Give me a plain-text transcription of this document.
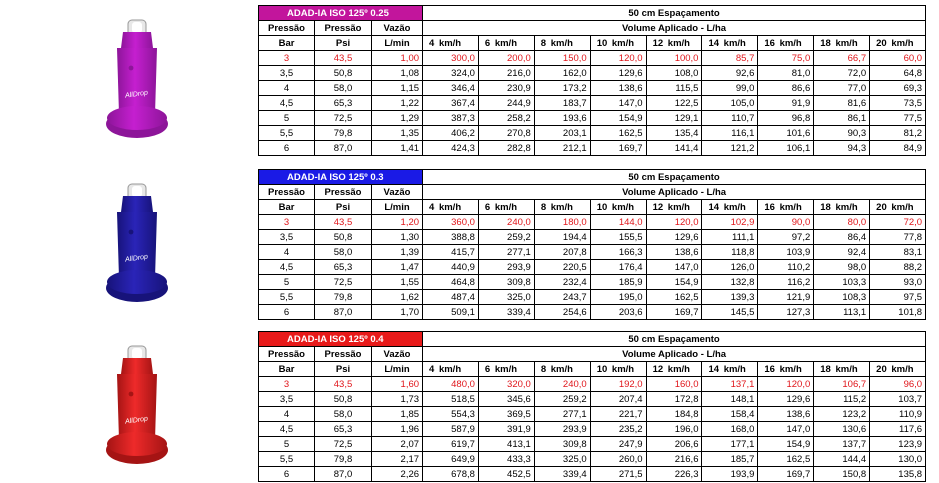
AllDrop
ADAD-IA ISO 125º 0.25			50 cm Espaçamento								
Pressão	Pressão	Vazão	Volume Aplicado - L/ha								
Bar	Psi	L/min	4 km/h	6 km/h	8 km/h	10 km/h	12 km/h	14 km/h	16 km/h	18 km/h	20 km/h
3	43,5	1,00	300,0	200,0	150,0	120,0	100,0	85,7	75,0	66,7	60,0
3,5	50,8	1,08	324,0	216,0	162,0	129,6	108,0	92,6	81,0	72,0	64,8
4	58,0	1,15	346,4	230,9	173,2	138,6	115,5	99,0	86,6	77,0	69,3
4,5	65,3	1,22	367,4	244,9	183,7	147,0	122,5	105,0	91,9	81,6	73,5
5	72,5	1,29	387,3	258,2	193,6	154,9	129,1	110,7	96,8	86,1	77,5
5,5	79,8	1,35	406,2	270,8	203,1	162,5	135,4	116,1	101,6	90,3	81,2
6	87,0	1,41	424,3	282,8	212,1	169,7	141,4	121,2	106,1	94,3	84,9
AllDrop
ADAD-IA ISO 125º 0.3			50 cm Espaçamento								
Pressão	Pressão	Vazão	Volume Aplicado - L/ha								
Bar	Psi	L/min	4 km/h	6 km/h	8 km/h	10 km/h	12 km/h	14 km/h	16 km/h	18 km/h	20 km/h
3	43,5	1,20	360,0	240,0	180,0	144,0	120,0	102,9	90,0	80,0	72,0
3,5	50,8	1,30	388,8	259,2	194,4	155,5	129,6	111,1	97,2	86,4	77,8
4	58,0	1,39	415,7	277,1	207,8	166,3	138,6	118,8	103,9	92,4	83,1
4,5	65,3	1,47	440,9	293,9	220,5	176,4	147,0	126,0	110,2	98,0	88,2
5	72,5	1,55	464,8	309,8	232,4	185,9	154,9	132,8	116,2	103,3	93,0
5,5	79,8	1,62	487,4	325,0	243,7	195,0	162,5	139,3	121,9	108,3	97,5
6	87,0	1,70	509,1	339,4	254,6	203,6	169,7	145,5	127,3	113,1	101,8
AllDrop
ADAD-IA ISO 125º 0.4			50 cm Espaçamento								
Pressão	Pressão	Vazão	Volume Aplicado - L/ha								
Bar	Psi	L/min	4 km/h	6 km/h	8 km/h	10 km/h	12 km/h	14 km/h	16 km/h	18 km/h	20 km/h
3	43,5	1,60	480,0	320,0	240,0	192,0	160,0	137,1	120,0	106,7	96,0
3,5	50,8	1,73	518,5	345,6	259,2	207,4	172,8	148,1	129,6	115,2	103,7
4	58,0	1,85	554,3	369,5	277,1	221,7	184,8	158,4	138,6	123,2	110,9
4,5	65,3	1,96	587,9	391,9	293,9	235,2	196,0	168,0	147,0	130,6	117,6
5	72,5	2,07	619,7	413,1	309,8	247,9	206,6	177,1	154,9	137,7	123,9
5,5	79,8	2,17	649,9	433,3	325,0	260,0	216,6	185,7	162,5	144,4	130,0
6	87,0	2,26	678,8	452,5	339,4	271,5	226,3	193,9	169,7	150,8	135,8
